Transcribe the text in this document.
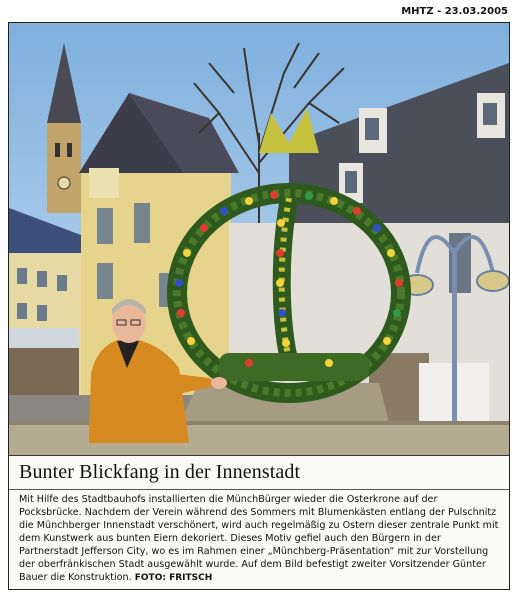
MHTZ - 23.03.2005
Bunter Blickfang in der Innenstadt

Mit Hilfe des Stadtbauhofs installierten die MünchBürger wieder die Osterkrone auf der Pocksbrücke. Nachdem der Verein während des Sommers mit Blumenkästen entlang der Pulschnitz die Münchberger Innenstadt verschönert, wird auch regelmäßig zu Ostern dieser zentrale Punkt mit dem Kunstwerk aus bunten Eiern dekoriert. Dieses Motiv gefiel auch den Bürgern in der Partnerstadt Jefferson City, wo es im Rahmen einer „Münchberg-Präsentation“ mit zur Vorstellung der oberfränkischen Stadt ausgewählt wurde. Auf dem Bild befestigt zweiter Vorsitzender Günter Bauer die Konstruktion. FOTO: FRITSCH
